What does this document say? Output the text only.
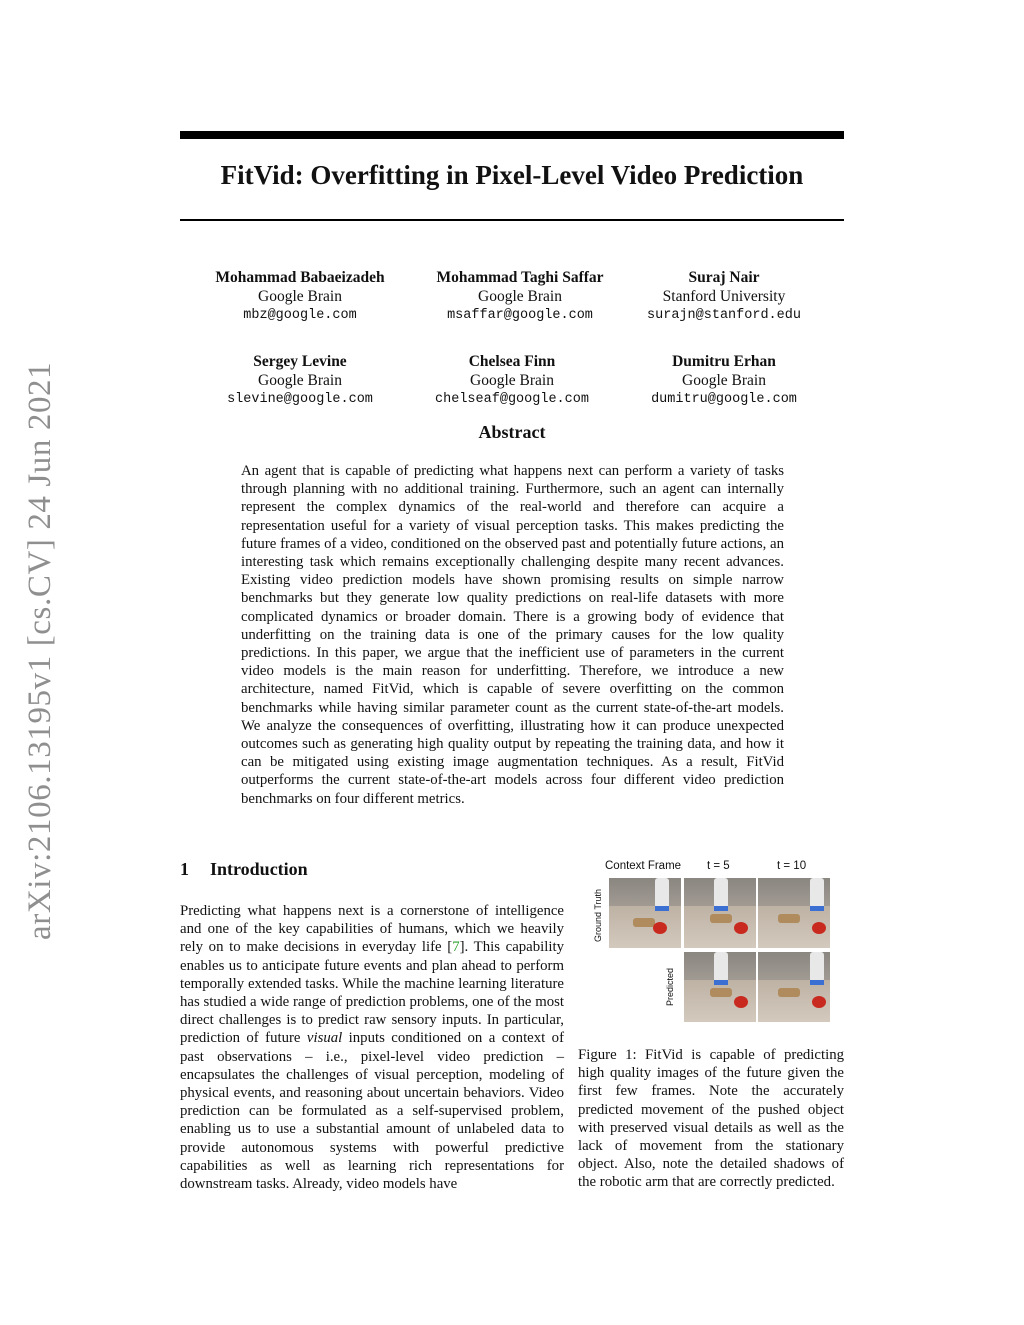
arXiv:2106.13195v1 [cs.CV] 24 Jun 2021
FitVid: Overfitting in Pixel-Level Video Prediction
Mohammad Babaeizadeh
Google Brain
mbz@google.com
Mohammad Taghi Saffar
Google Brain
msaffar@google.com
Suraj Nair
Stanford University
surajn@stanford.edu
Sergey Levine
Google Brain
slevine@google.com
Chelsea Finn
Google Brain
chelseaf@google.com
Dumitru Erhan
Google Brain
dumitru@google.com
Abstract
An agent that is capable of predicting what happens next can perform a variety of tasks through planning with no additional training. Furthermore, such an agent can internally represent the complex dynamics of the real-world and therefore can acquire a representation useful for a variety of visual perception tasks. This makes predicting the future frames of a video, conditioned on the observed past and potentially future actions, an interesting task which remains exceptionally challenging despite many recent advances. Existing video prediction models have shown promising results on simple narrow benchmarks but they generate low quality predictions on real-life datasets with more complicated dynamics or broader domain. There is a growing body of evidence that underfitting on the training data is one of the primary causes for the low quality predictions. In this paper, we argue that the inefficient use of parameters in the current video models is the main reason for underfitting. Therefore, we introduce a new architecture, named FitVid, which is capable of severe overfitting on the common benchmarks while having similar parameter count as the current state-of-the-art models. We analyze the consequences of overfitting, illustrating how it can produce unexpected outcomes such as generating high quality output by repeating the training data, and how it can be mitigated using existing image augmentation techniques. As a result, FitVid outperforms the current state-of-the-art models across four different video prediction benchmarks on four different metrics.
1 Introduction
Predicting what happens next is a cornerstone of intelligence and one of the key capabilities of humans, which we heavily rely on to make decisions in everyday life [7]. This capability enables us to anticipate future events and plan ahead to perform temporally extended tasks. While the machine learning literature has studied a wide range of prediction problems, one of the most direct challenges is to predict raw sensory inputs. In particular, prediction of future visual inputs conditioned on a context of past observations – i.e., pixel-level video prediction – encapsulates the challenges of visual perception, modeling of physical events, and reasoning about uncertain behaviors. Video prediction can be formulated as a self-supervised problem, enabling us to use a substantial amount of unlabeled data to provide autonomous systems with powerful predictive capabilities as well as learning rich representations for downstream tasks. Already, video models have
Context Frame t = 5	t = 10
Ground Truth
Predicted
Figure 1: FitVid is capable of predicting high quality images of the future given the first few frames. Note the accurately predicted movement of the pushed object with preserved visual details as well as the lack of movement from the stationary object. Also, note the detailed shadows of the robotic arm that are correctly predicted.
